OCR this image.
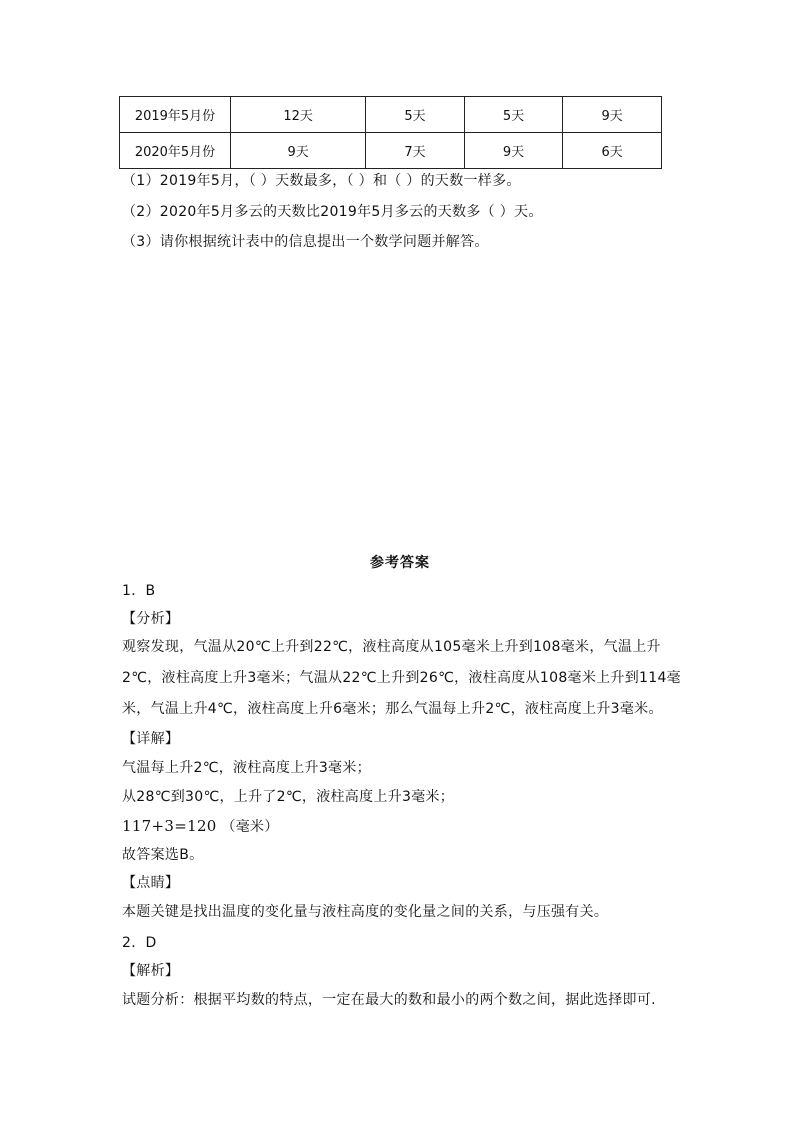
2019年5月份	12天	5天	5天	9天
2020年5月份	9天	7天	9天	6天
（1）2019年5月，（ ）天数最多，（ ）和（ ）的天数一样多。
（2）2020年5月多云的天数比2019年5月多云的天数多（ ）天。
（3）请你根据统计表中的信息提出一个数学问题并解答。
参考答案
1．B
【分析】
观察发现，气温从20℃上升到22℃，液柱高度从105毫米上升到108毫米，气温上升
2℃，液柱高度上升3毫米；气温从22℃上升到26℃，液柱高度从108毫米上升到114毫
米，气温上升4℃，液柱高度上升6毫米；那么气温每上升2℃，液柱高度上升3毫米。
【详解】
气温每上升2℃，液柱高度上升3毫米；
从28℃到30℃，上升了2℃，液柱高度上升3毫米；
117+3=120 （毫米）
故答案选B。
【点睛】
本题关键是找出温度的变化量与液柱高度的变化量之间的关系，与压强有关。
2．D
【解析】
试题分析：根据平均数的特点，一定在最大的数和最小的两个数之间，据此选择即可.
